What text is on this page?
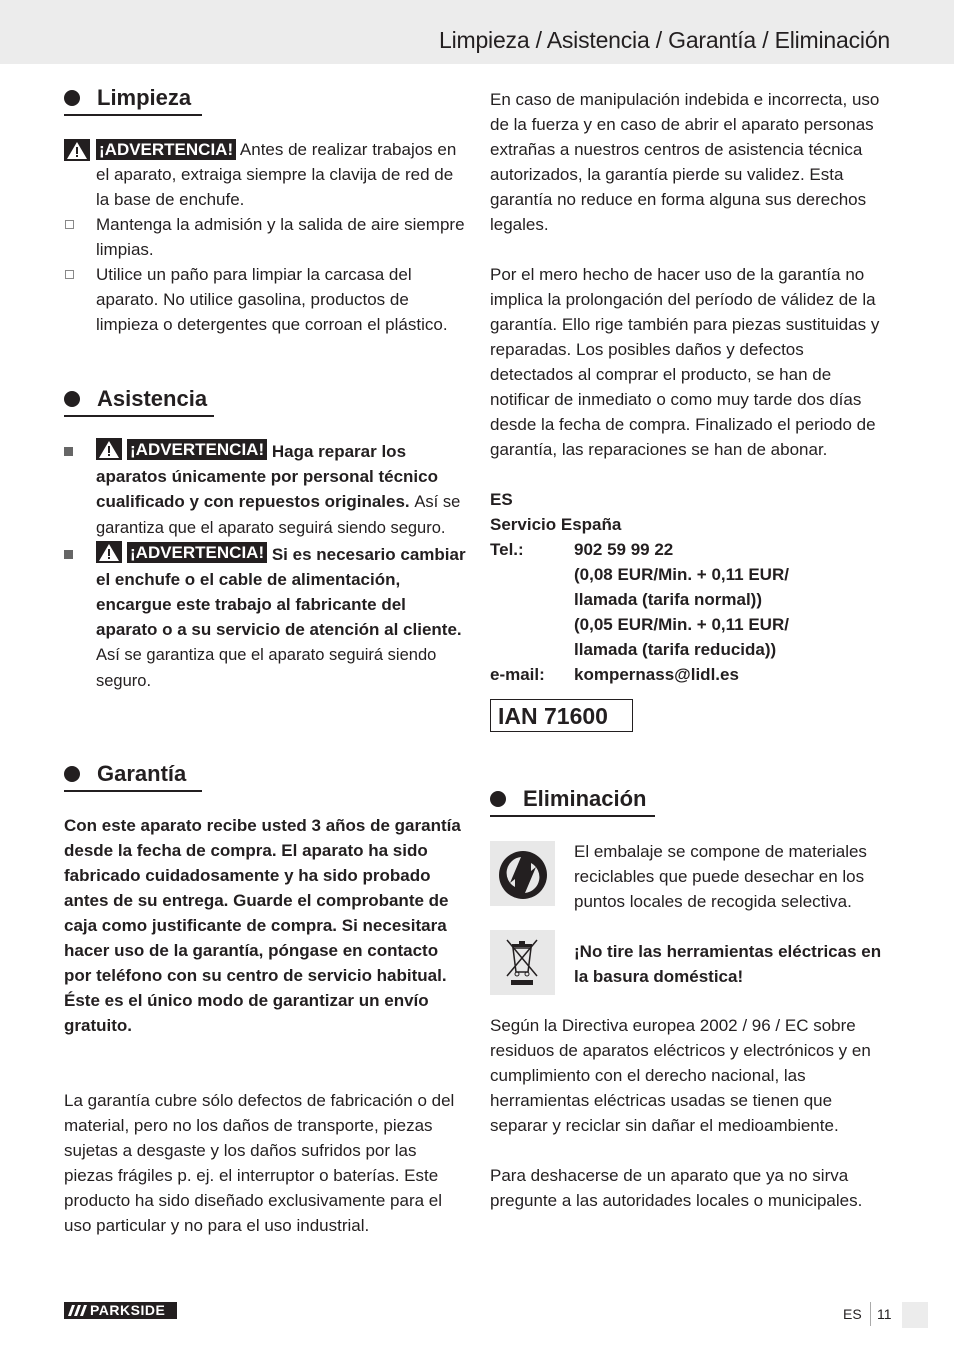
Limpieza / Asistencia / Garantía / Eliminación
Limpieza
¡ADVERTENCIA! Antes de realizar trabajos en el aparato, extraiga siempre la clavija de red de la base de enchufe.
Mantenga la admisión y la salida de aire siempre limpias.
Utilice un paño para limpiar la carcasa del aparato. No utilice gasolina, productos de limpieza o detergentes que corroan el plástico.
Asistencia
¡ADVERTENCIA! Haga reparar los aparatos únicamente por personal técnico cualificado y con repuestos originales. Así se garantiza que el aparato seguirá siendo seguro.
¡ADVERTENCIA! Si es necesario cambiar el enchufe o el cable de alimentación, encargue este trabajo al fabricante del aparato o a su servicio de atención al cliente. Así se garantiza que el aparato seguirá siendo seguro.
Garantía
Con este aparato recibe usted 3 años de garantía desde la fecha de compra. El aparato ha sido fabricado cuidadosamente y ha sido probado antes de su entrega. Guarde el comprobante de caja como justificante de compra. Si necesitara hacer uso de la garantía, póngase en contacto por teléfono con su centro de servicio habitual. Éste es el único modo de garantizar un envío gratuito.
La garantía cubre sólo defectos de fabricación o del material, pero no los daños de transporte, piezas sujetas a desgaste y los daños sufridos por las piezas frágiles p. ej. el interruptor o baterías. Este producto ha sido diseñado exclusivamente para el uso particular y no para el uso industrial.
En caso de manipulación indebida e incorrecta, uso de la fuerza y en caso de abrir el aparato personas extrañas a nuestros centros de asistencia técnica autorizados, la garantía pierde su validez. Esta garantía no reduce en forma alguna sus derechos legales.
Por el mero hecho de hacer uso de la garantía no implica la prolongación del período de válidez de la garantía. Ello rige también para piezas sustituidas y reparadas. Los posibles daños y defectos detectados al comprar el producto, se han de notificar de inmediato o como muy tarde dos días desde la fecha de compra. Finalizado el periodo de garantía, las reparaciones se han de abonar.
ES
Servicio España
Tel.:	902 59 99 22
(0,08 EUR/Min. + 0,11 EUR/
llamada (tarifa normal))
(0,05 EUR/Min. + 0,11 EUR/
llamada (tarifa reducida))
e-mail:	kompernass@lidl.es
IAN 71600
Eliminación
El embalaje se compone de materiales reciclables que puede desechar en los puntos locales de recogida selectiva.
¡No tire las herramientas eléctricas en la basura doméstica!
Según la Directiva europea 2002 / 96 / EC sobre residuos de aparatos eléctricos y electrónicos y en cumplimiento con el derecho nacional, las herramientas eléctricas usadas se tienen que separar y reciclar sin dañar el medioambiente.
Para deshacerse de un aparato que ya no sirva pregunte a las autoridades locales o municipales.
PARKSIDE	ES 11
